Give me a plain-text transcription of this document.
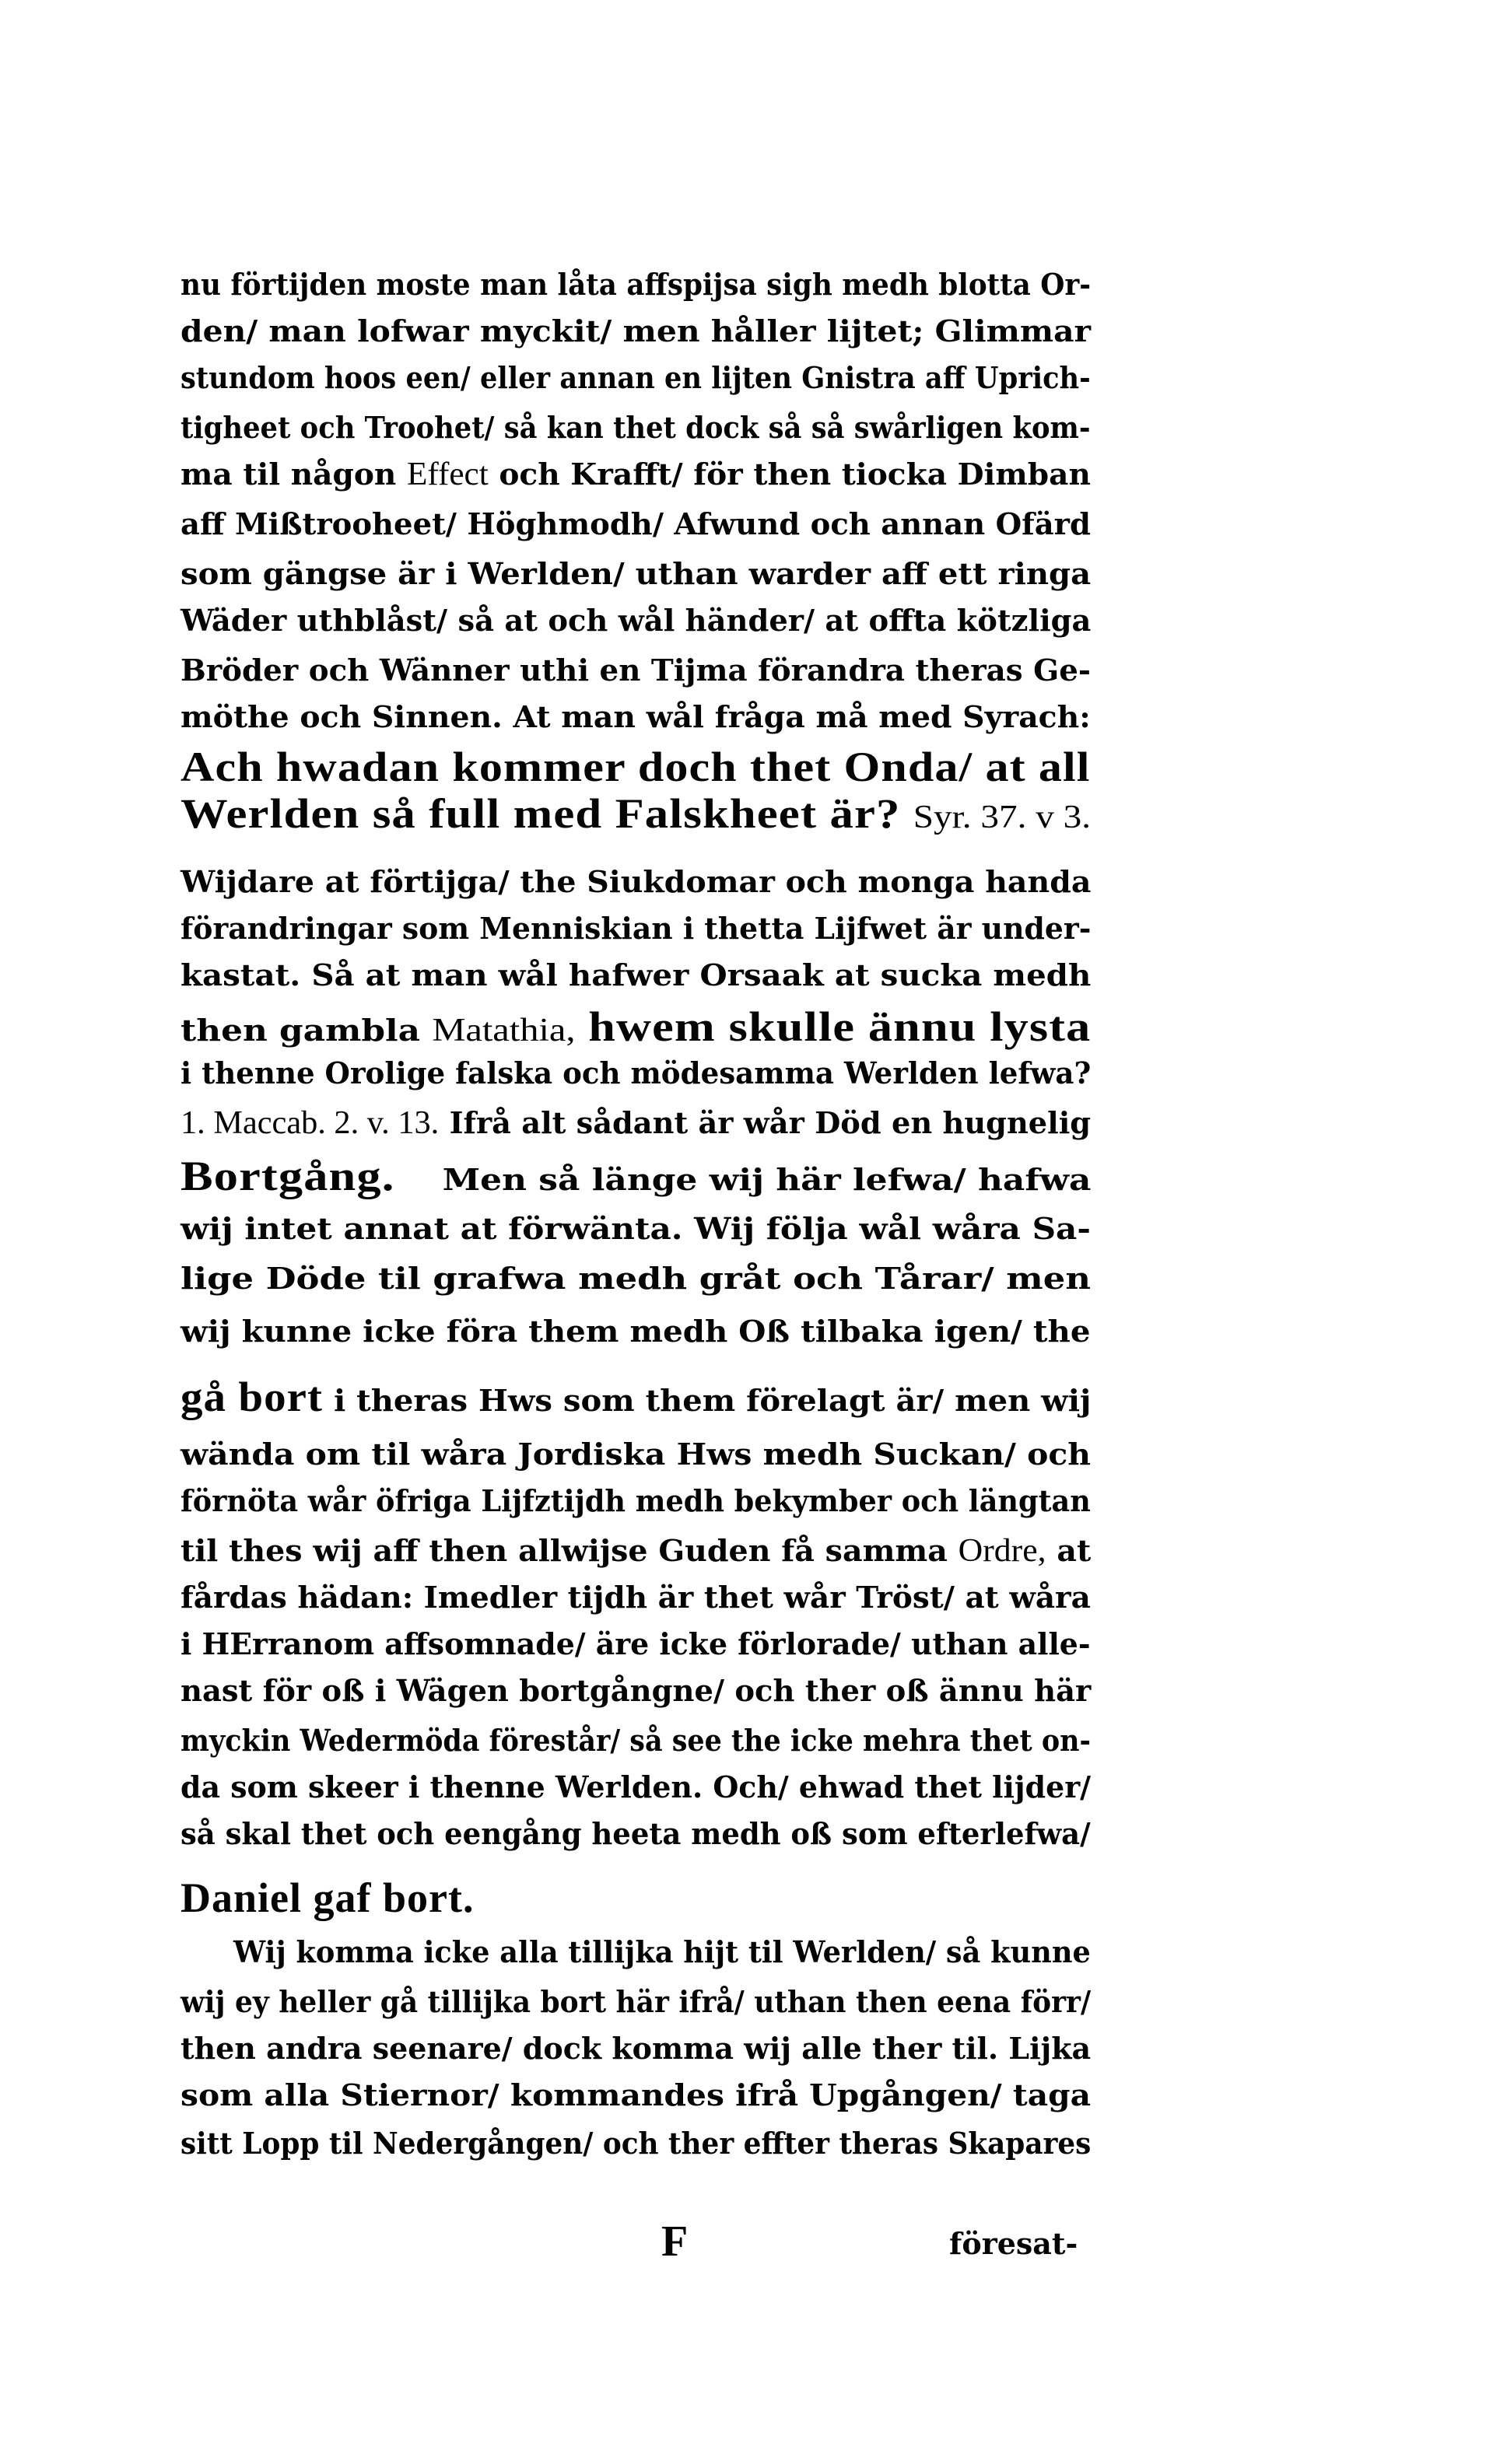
nu förtijden moste man låta affspijsa sigh medh blotta Or-
den/ man lofwar myckit/ men håller lijtet; Glimmar
stundom hoos een/ eller annan en lijten Gnistra aff Uprich-
tigheet och Troohet/ så kan thet dock så så swårligen kom-
ma til någon Effect och Krafft/ för then tiocka Dimban
aff Mißtrooheet/ Höghmodh/ Afwund och annan Ofärd
som gängse är i Werlden/ uthan warder aff ett ringa
Wäder uthblåst/ så at och wål händer/ at offta kötzliga
Bröder och Wänner uthi en Tijma förandra theras Ge-
möthe och Sinnen. At man wål fråga må med Syrach:
Ach hwadan kommer doch thet Onda/ at all
Werlden så full med Falskheet är? Syr. 37. v 3.
Wijdare at förtijga/ the Siukdomar och monga handa
förandringar som Menniskian i thetta Lijfwet är under-
kastat. Så at man wål hafwer Orsaak at sucka medh
then gambla Matathia, hwem skulle ännu lysta
i thenne Orolige falska och mödesamma Werlden lefwa?
1. Maccab. 2. v. 13. Ifrå alt sådant är wår Död en hugnelig
Bortgång.    Men så länge wij här lefwa/ hafwa
wij intet annat at förwänta. Wij följa wål wåra Sa-
lige Döde til grafwa medh gråt och Tårar/ men
wij kunne icke föra them medh Oß tilbaka igen/ the
gå bort i theras Hws som them förelagt är/ men wij
wända om til wåra Jordiska Hws medh Suckan/ och
förnöta wår öfriga Lijfztijdh medh bekymber och längtan
til thes wij aff then allwijse Guden få samma Ordre, at
fårdas hädan: Imedler tijdh är thet wår Tröst/ at wåra
i HErranom affsomnade/ äre icke förlorade/ uthan alle-
nast för oß i Wägen bortgångne/ och ther oß ännu här
myckin Wedermöda förestår/ så see the icke mehra thet on-
da som skeer i thenne Werlden. Och/ ehwad thet lijder/
så skal thet och eengång heeta medh oß som efterlefwa/
Daniel gaf bort.
Wij komma icke alla tillijka hijt til Werlden/ så kunne
wij ey heller gå tillijka bort här ifrå/ uthan then eena förr/
then andra seenare/ dock komma wij alle ther til. Lijka
som alla Stiernor/ kommandes ifrå Upgången/ taga
sitt Lopp til Nedergången/ och ther effter theras Skapares
F	föresat-
